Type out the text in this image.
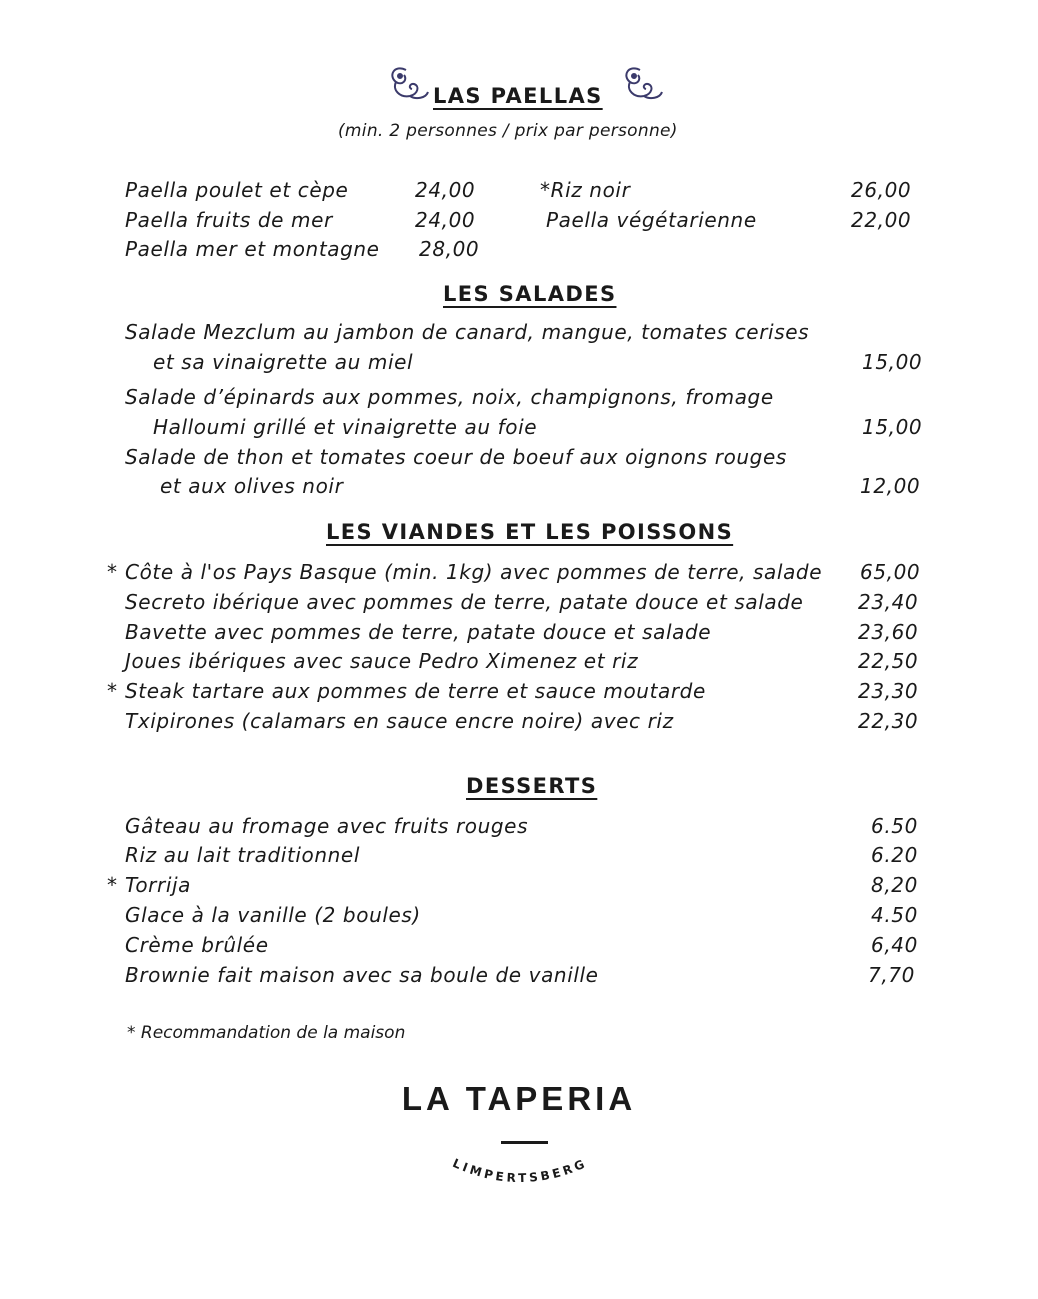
LAS PAELLAS
(min. 2 personnes / prix par personne)
Paella poulet et cèpe	24,00
Paella fruits de mer	24,00
Paella mer et montagne 28,00
*Riz noir	26,00
Paella végétarienne	22,00
LES SALADES
Salade Mezclum au jambon de canard, mangue, tomates cerises
et sa vinaigrette au miel	15,00
Salade d’épinards aux pommes, noix, champignons, fromage
Halloumi grillé et vinaigrette au foie	15,00
Salade de thon et tomates coeur de boeuf aux oignons rouges
et aux olives noir	12,00
LES VIANDES ET LES POISSONS
* Côte à l'os Pays Basque (min. 1kg) avec pommes de terre, salade 65,00
Secreto ibérique avec pommes de terre, patate douce et salade	23,40
Bavette avec pommes de terre, patate douce et salade	23,60
Joues ibériques avec sauce Pedro Ximenez et riz	22,50
* Steak tartare aux pommes de terre et sauce moutarde	23,30
Txipirones (calamars en sauce encre noire) avec riz	22,30
DESSERTS
Gâteau au fromage avec fruits rouges	6.50
Riz au lait traditionnel	6.20
* Torrija	8,20
Glace à la vanille (2 boules)	4.50
Crème brûlée	6,40
Brownie fait maison avec sa boule de vanille	7,70
* Recommandation de la maison
LA TAPERIA
LIMPERTSBERG
